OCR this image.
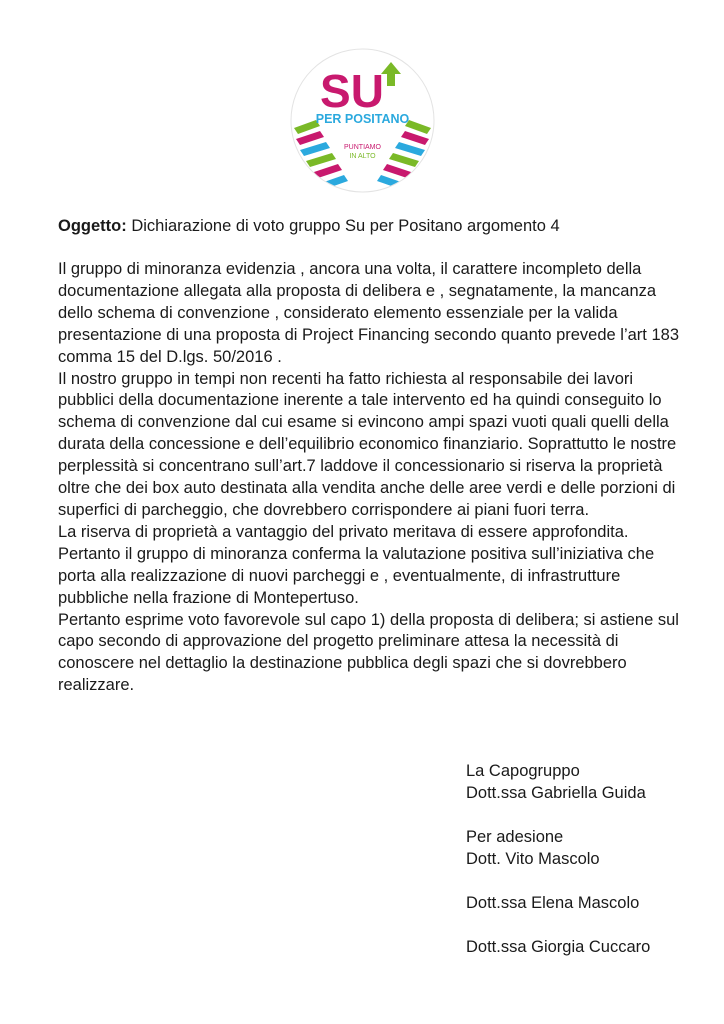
SU
PER POSITANO
PUNTIAMO
IN ALTO

Oggetto: Dichiarazione di voto gruppo Su per Positano argomento 4

Il gruppo di minoranza evidenzia , ancora una volta, il carattere incompleto della documentazione allegata alla proposta di delibera e , segnatamente, la mancanza dello schema di convenzione , considerato elemento essenziale per la valida presentazione di una proposta di Project Financing secondo quanto prevede l’art 183 comma 15 del D.lgs. 50/2016 .

Il nostro gruppo in tempi non recenti ha fatto richiesta al responsabile dei lavori pubblici della documentazione inerente a tale intervento ed ha quindi conseguito lo schema di convenzione dal cui esame si evincono ampi spazi vuoti quali quelli della durata della concessione e dell’equilibrio economico finanziario. Soprattutto le nostre perplessità si concentrano sull’art.7 laddove il concessionario si riserva la proprietà oltre che dei box auto destinata alla vendita anche delle aree verdi e delle porzioni di superfici di parcheggio, che dovrebbero corrispondere ai piani fuori terra.

La riserva di proprietà a vantaggio del privato meritava di essere approfondita.

Pertanto il gruppo di minoranza conferma la valutazione positiva sull’iniziativa che porta alla realizzazione di nuovi parcheggi e , eventualmente, di infrastrutture pubbliche nella frazione di Montepertuso.

Pertanto esprime voto favorevole sul capo 1) della proposta di delibera; si astiene sul capo secondo di approvazione del progetto preliminare attesa la necessità di conoscere nel dettaglio la destinazione pubblica degli spazi che si dovrebbero realizzare.

La Capogruppo
Dott.ssa Gabriella Guida
Per adesione
Dott. Vito Mascolo
Dott.ssa Elena Mascolo
Dott.ssa Giorgia Cuccaro
